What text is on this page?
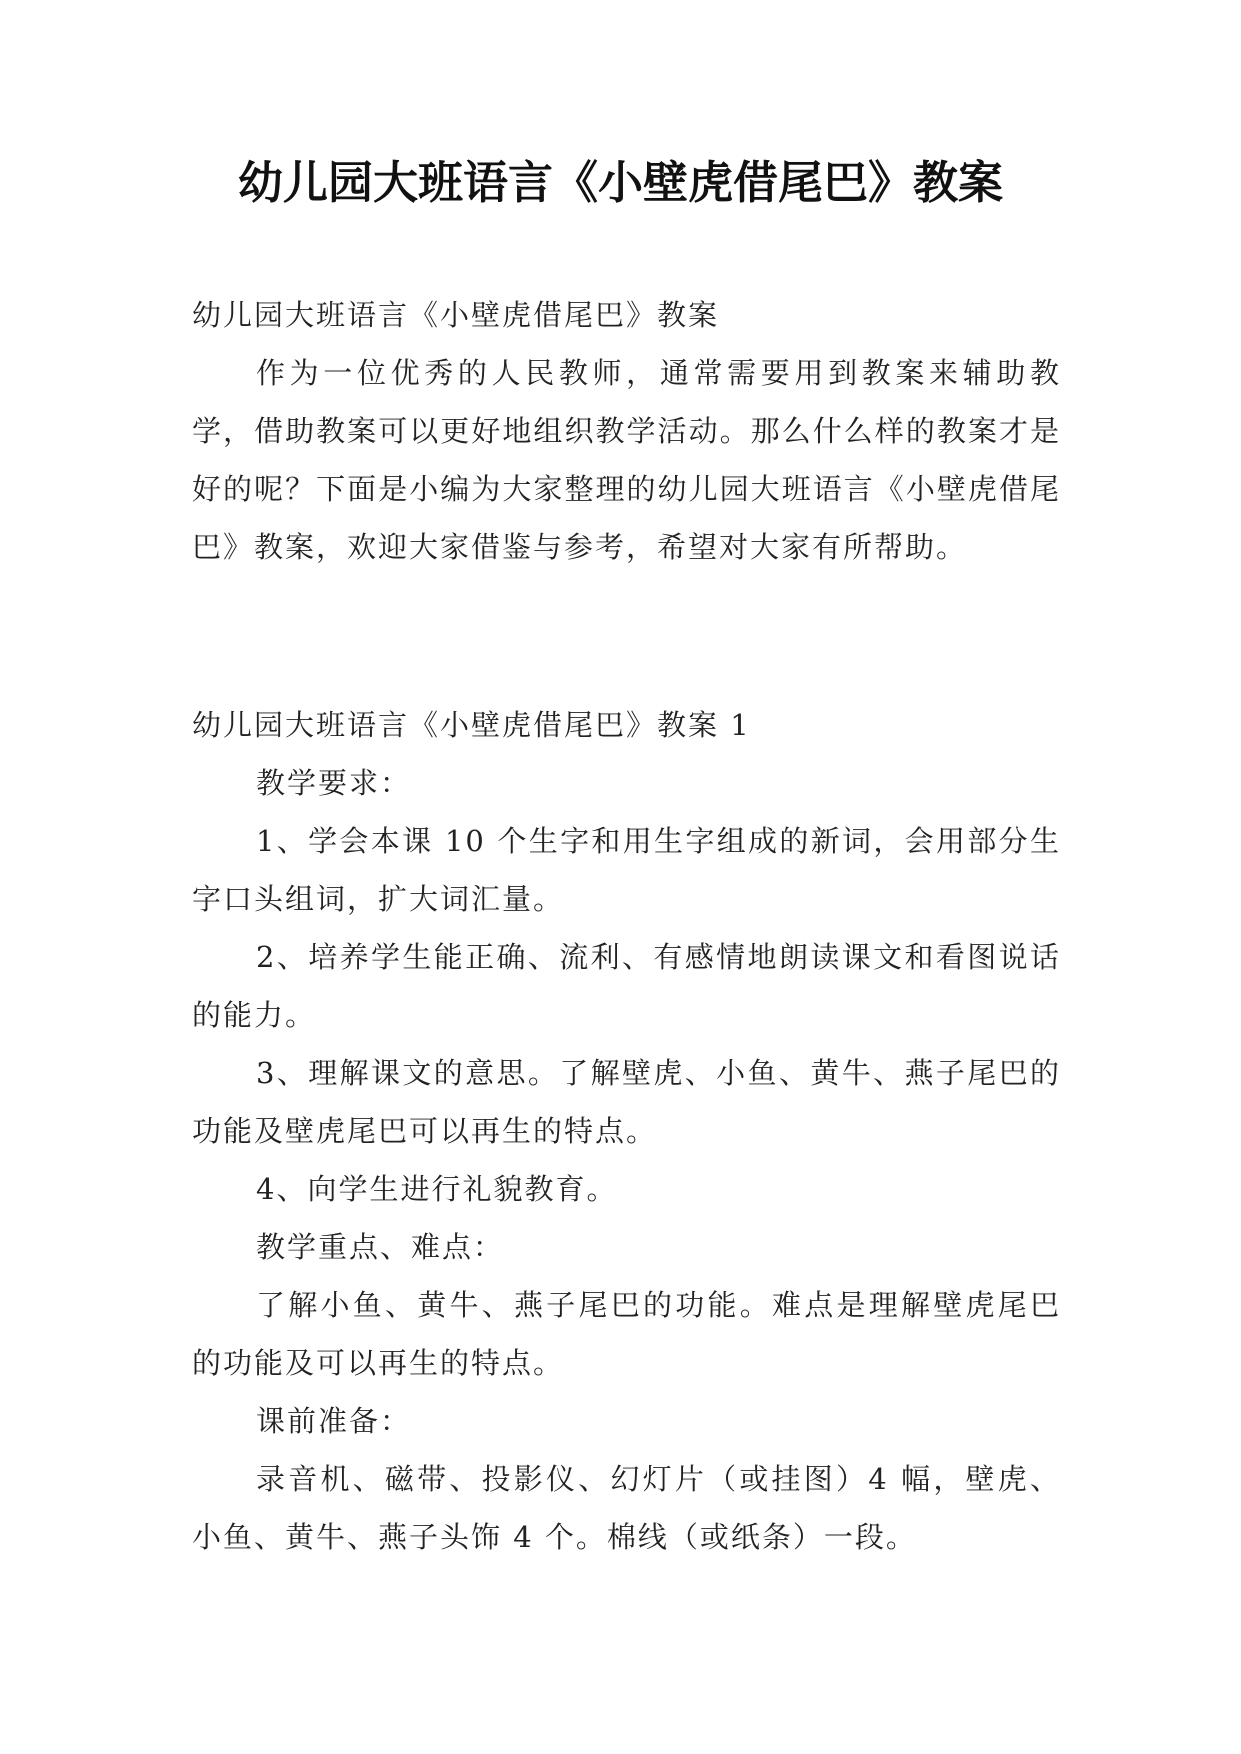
幼儿园大班语言《小壁虎借尾巴》教案

幼儿园大班语言《小壁虎借尾巴》教案

作为一位优秀的人民教师，通常需要用到教案来辅助教学，借助教案可以更好地组织教学活动。那么什么样的教案才是好的呢？下面是小编为大家整理的幼儿园大班语言《小壁虎借尾巴》教案，欢迎大家借鉴与参考，希望对大家有所帮助。

幼儿园大班语言《小壁虎借尾巴》教案 1

教学要求：

1、学会本课 10 个生字和用生字组成的新词，会用部分生字口头组词，扩大词汇量。

2、培养学生能正确、流利、有感情地朗读课文和看图说话的能力。

3、理解课文的意思。了解壁虎、小鱼、黄牛、燕子尾巴的功能及壁虎尾巴可以再生的特点。

4、向学生进行礼貌教育。

教学重点、难点：

了解小鱼、黄牛、燕子尾巴的功能。难点是理解壁虎尾巴的功能及可以再生的特点。

课前准备：

录音机、磁带、投影仪、幻灯片（或挂图）4 幅，壁虎、小鱼、黄牛、燕子头饰 4 个。棉线（或纸条）一段。
